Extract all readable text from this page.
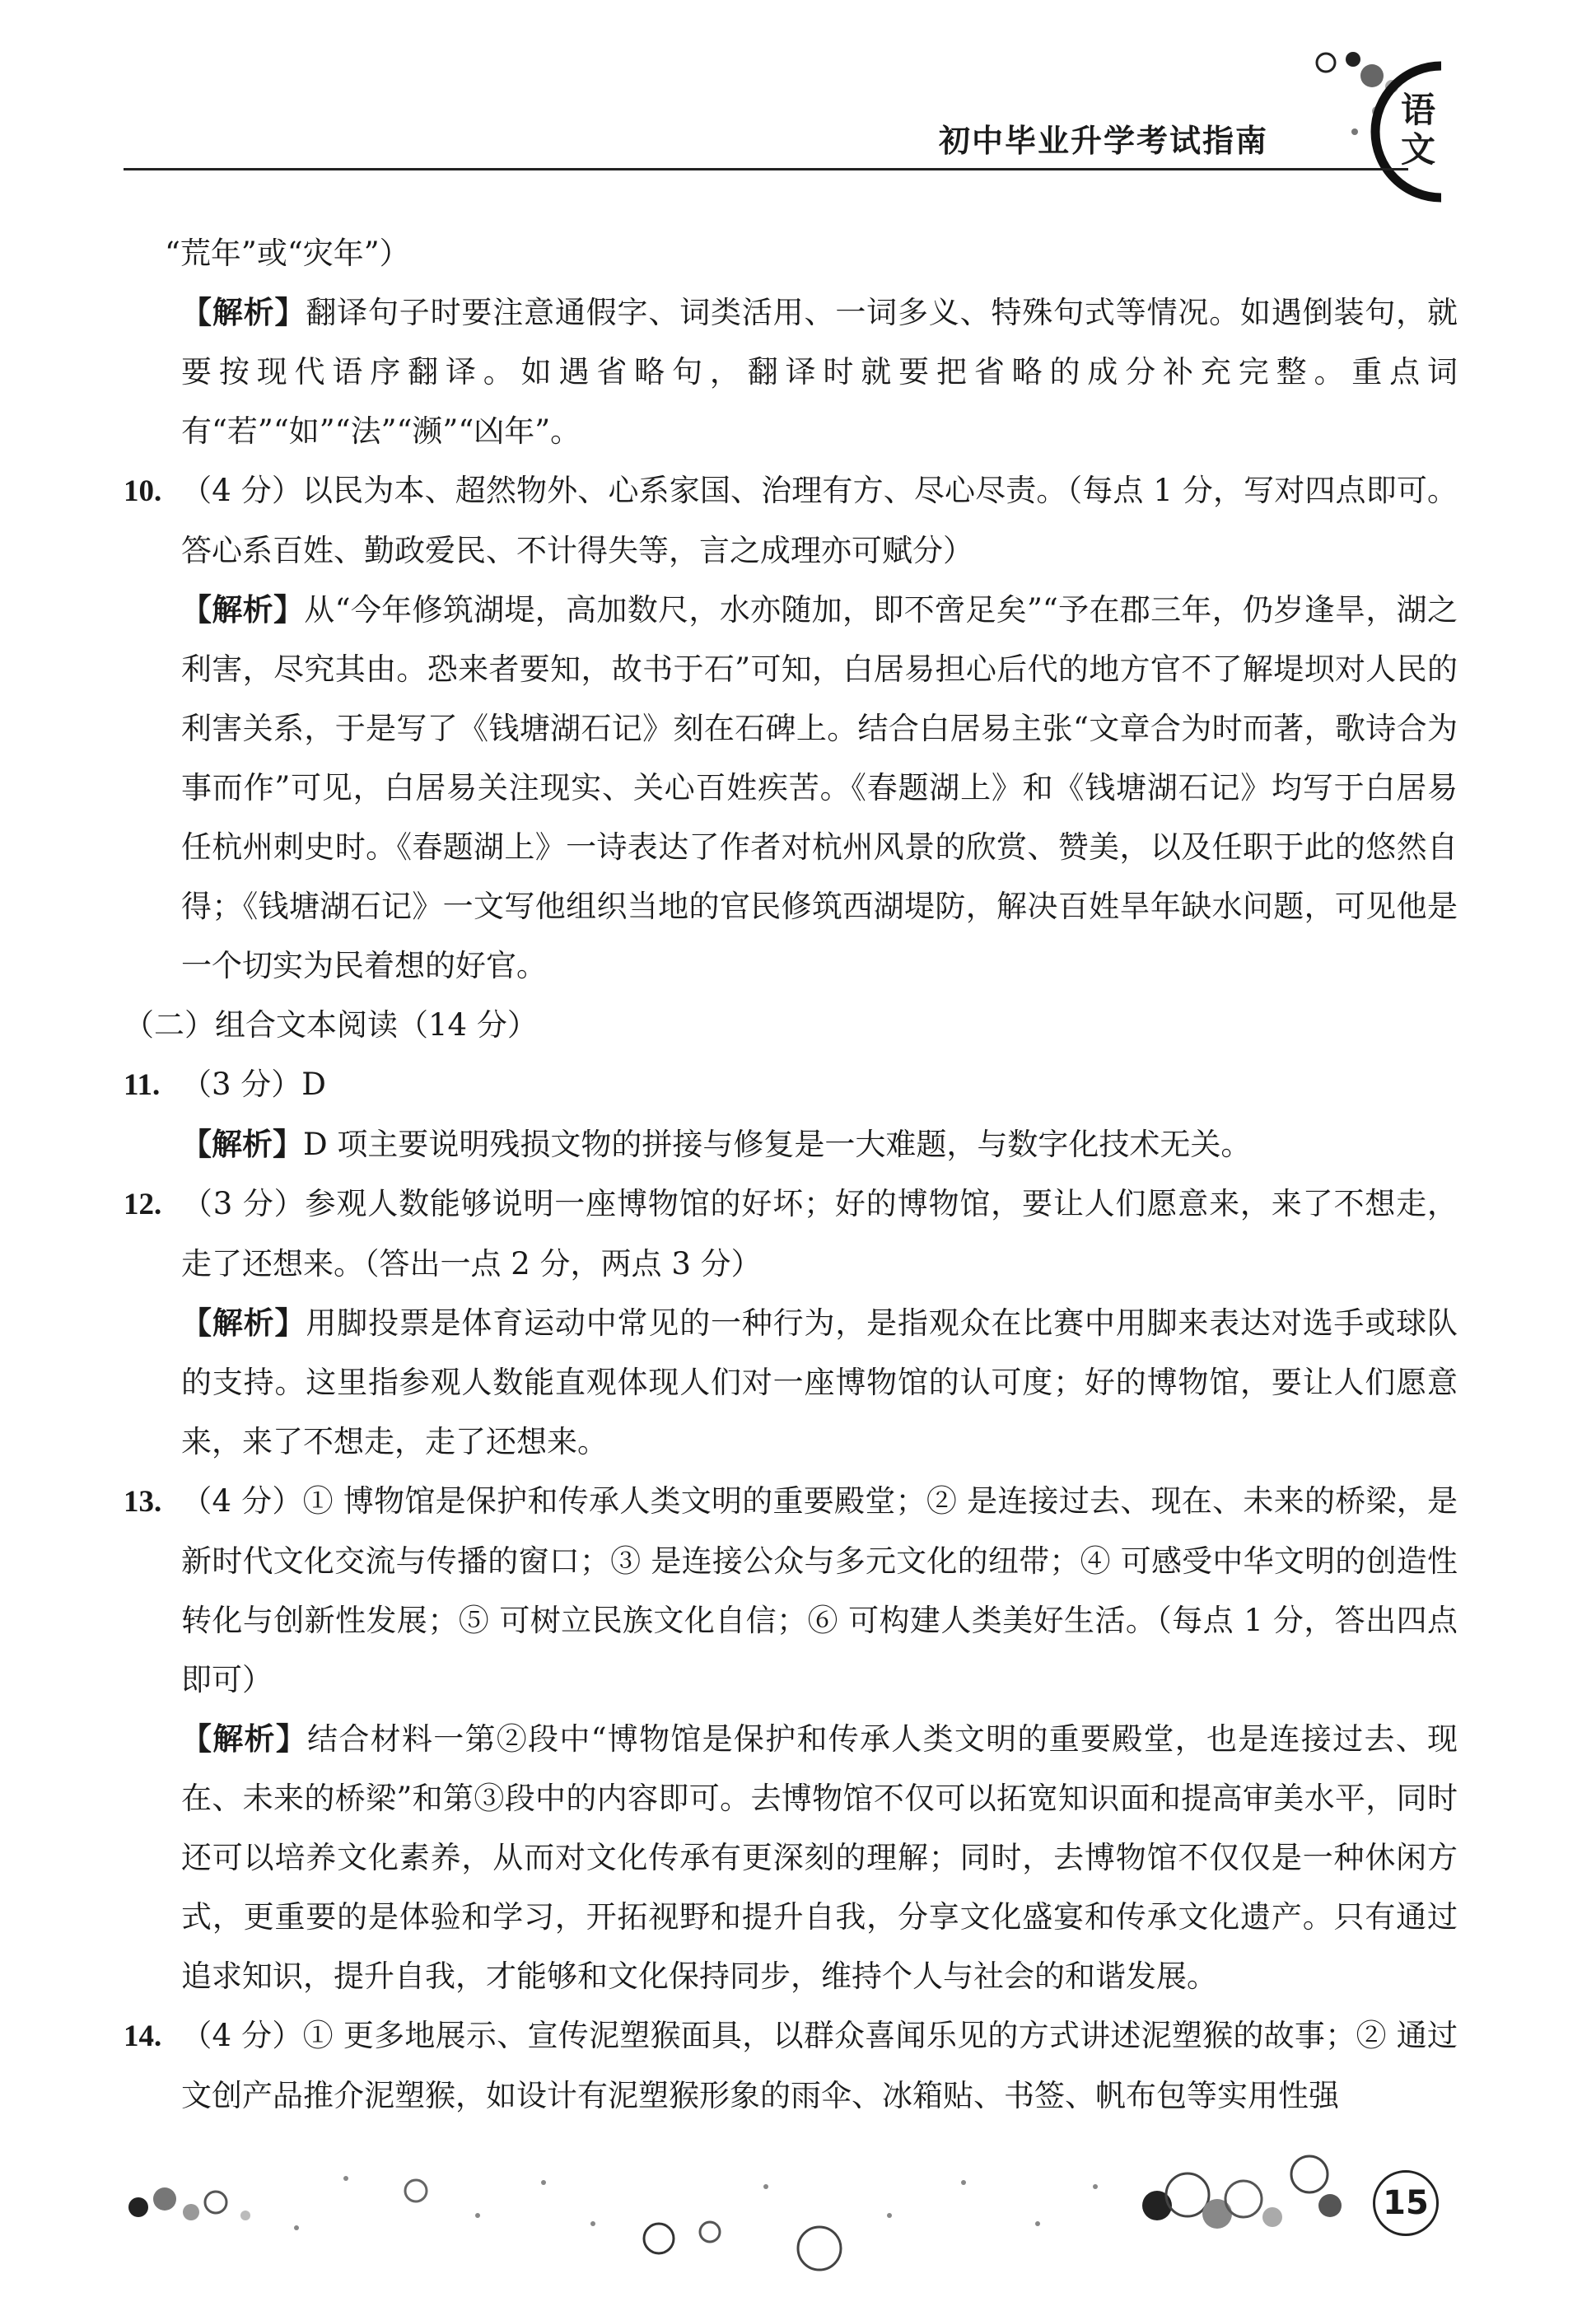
初中毕业升学考试指南
语文
“荒年”或“灾年”）
【解析】翻译句子时要注意通假字、词类活用、一词多义、特殊句式等情况。如遇倒装句，就要按现代语序翻译。如遇省略句，翻译时就要把省略的成分补充完整。重点词有“若”“如”“法”“濒”“凶年”。
10. （4 分）以民为本、超然物外、心系家国、治理有方、尽心尽责。（每点 1 分，写对四点即可。答心系百姓、勤政爱民、不计得失等，言之成理亦可赋分）
【解析】从“今年修筑湖堤，高加数尺，水亦随加，即不啻足矣”“予在郡三年，仍岁逢旱，湖之利害，尽究其由。恐来者要知，故书于石”可知，白居易担心后代的地方官不了解堤坝对人民的利害关系，于是写了《钱塘湖石记》刻在石碑上。结合白居易主张“文章合为时而著，歌诗合为事而作”可见，白居易关注现实、关心百姓疾苦。《春题湖上》和《钱塘湖石记》均写于白居易任杭州刺史时。《春题湖上》一诗表达了作者对杭州风景的欣赏、赞美，以及任职于此的悠然自得；《钱塘湖石记》一文写他组织当地的官民修筑西湖堤防，解决百姓旱年缺水问题，可见他是一个切实为民着想的好官。
（二）组合文本阅读（14 分）
11. （3 分）D
【解析】D 项主要说明残损文物的拼接与修复是一大难题，与数字化技术无关。
12. （3 分）参观人数能够说明一座博物馆的好坏；好的博物馆，要让人们愿意来，来了不想走，走了还想来。（答出一点 2 分，两点 3 分）
【解析】用脚投票是体育运动中常见的一种行为，是指观众在比赛中用脚来表达对选手或球队的支持。这里指参观人数能直观体现人们对一座博物馆的认可度；好的博物馆，要让人们愿意来，来了不想走，走了还想来。
13. （4 分）① 博物馆是保护和传承人类文明的重要殿堂；② 是连接过去、现在、未来的桥梁，是新时代文化交流与传播的窗口；③ 是连接公众与多元文化的纽带；④ 可感受中华文明的创造性转化与创新性发展；⑤ 可树立民族文化自信；⑥ 可构建人类美好生活。（每点 1 分，答出四点即可）
【解析】结合材料一第②段中“博物馆是保护和传承人类文明的重要殿堂，也是连接过去、现在、未来的桥梁”和第③段中的内容即可。去博物馆不仅可以拓宽知识面和提高审美水平，同时还可以培养文化素养，从而对文化传承有更深刻的理解；同时，去博物馆不仅仅是一种休闲方式，更重要的是体验和学习，开拓视野和提升自我，分享文化盛宴和传承文化遗产。只有通过追求知识，提升自我，才能够和文化保持同步，维持个人与社会的和谐发展。
14. （4 分）① 更多地展示、宣传泥塑猴面具，以群众喜闻乐见的方式讲述泥塑猴的故事；② 通过文创产品推介泥塑猴，如设计有泥塑猴形象的雨伞、冰箱贴、书签、帆布包等实用性强
15
